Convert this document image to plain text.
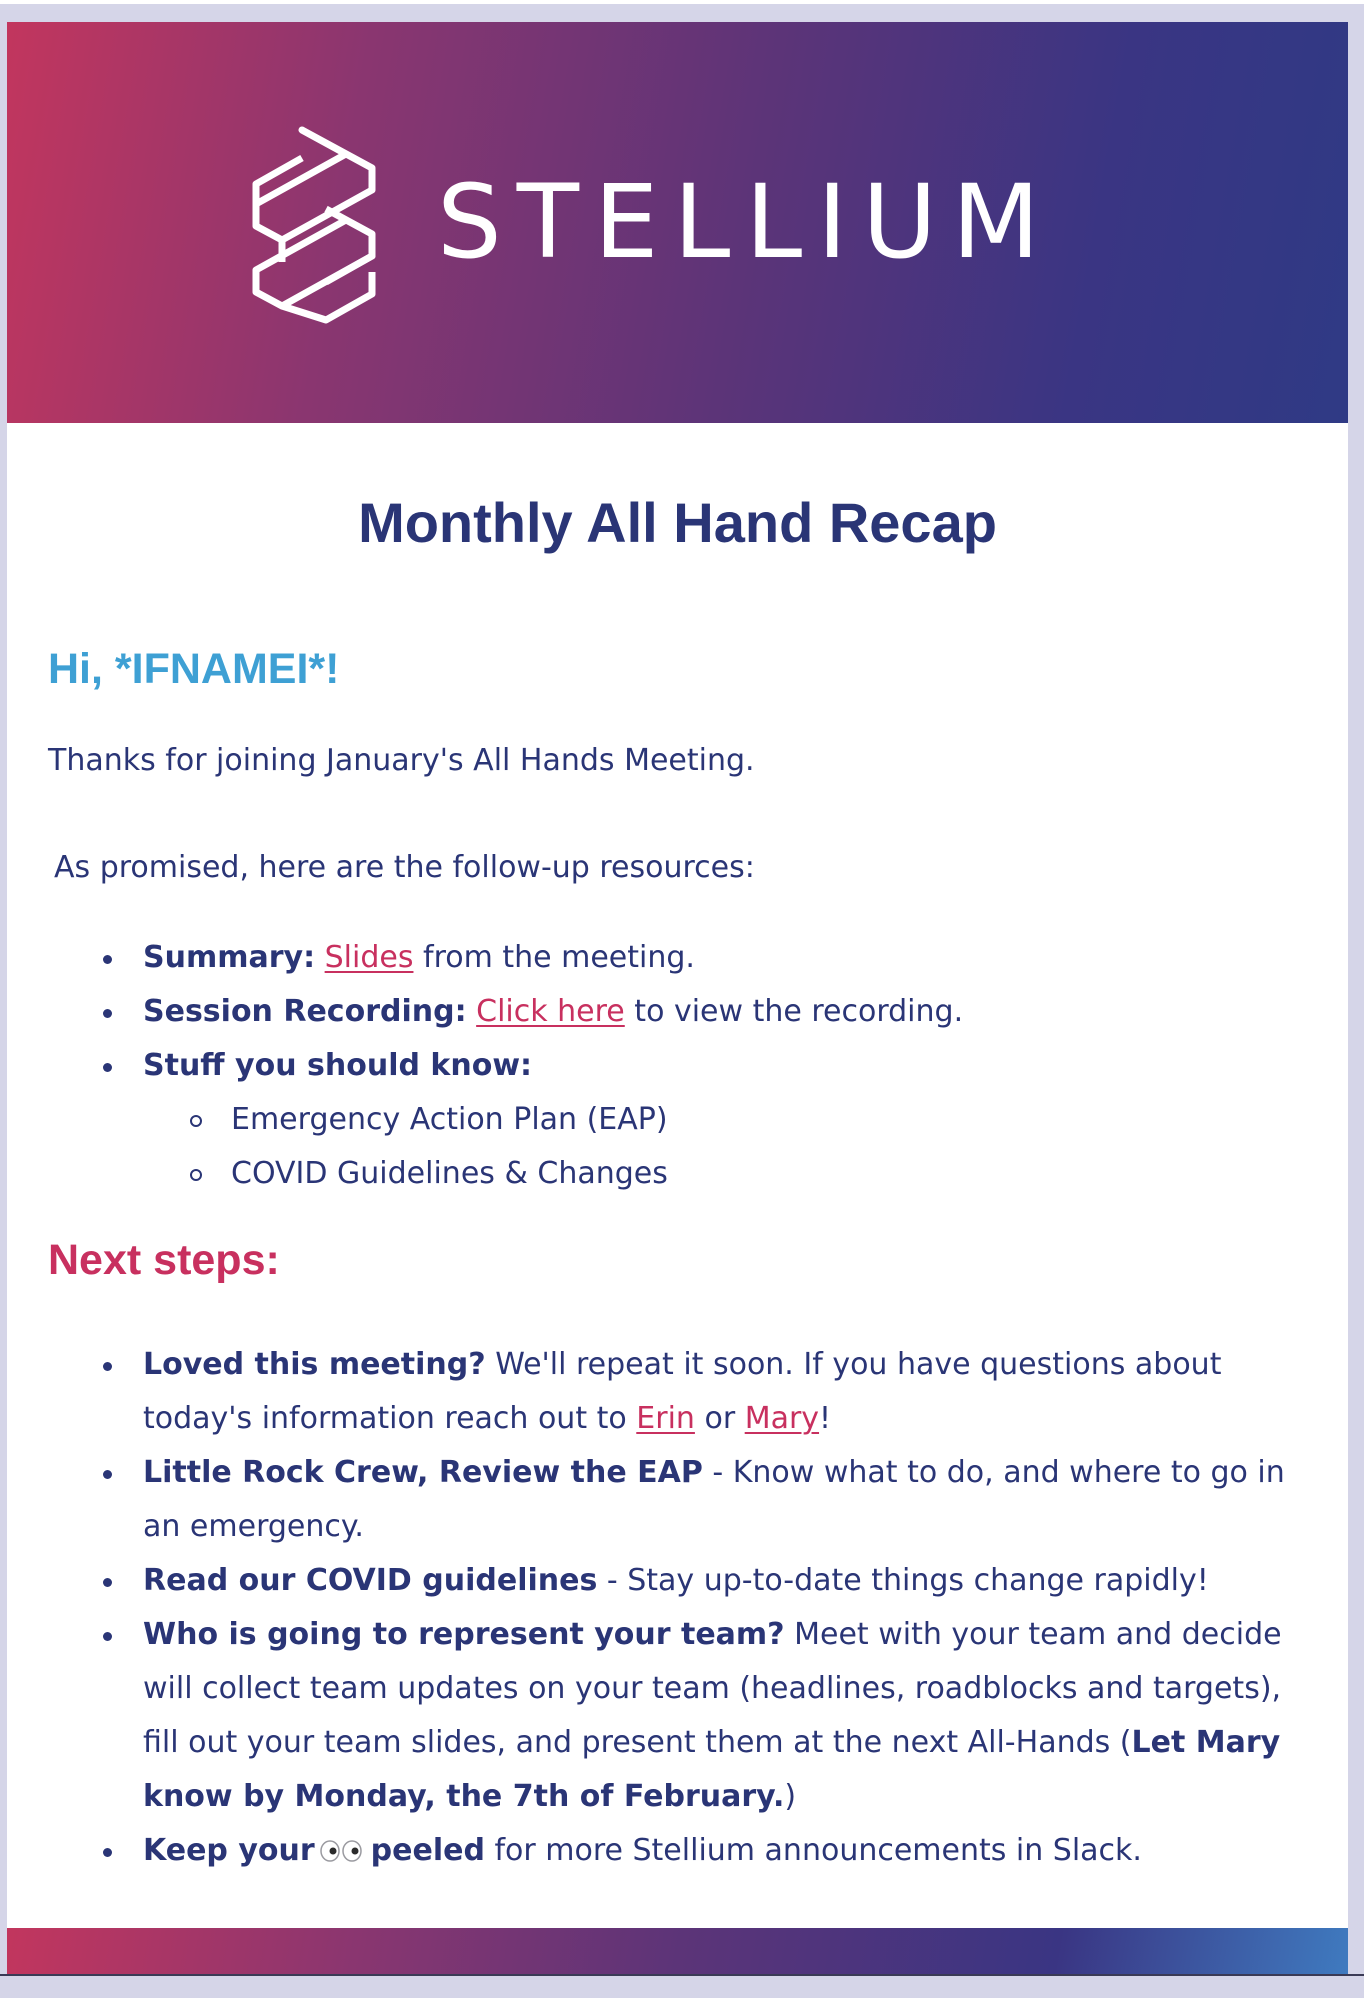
STELLIUM
Monthly All Hand Recap
Hi, *IFNAMEI*!

Thanks for joining January's All Hands Meeting.

As promised, here are the follow-up resources:

Summary: Slides from the meeting.
Session Recording: Click here to view the recording.
Stuff you should know:
Emergency Action Plan (EAP)
COVID Guidelines & Changes
Next steps:
Loved this meeting? We'll repeat it soon. If you have questions about today's information reach out to Erin or Mary!
Little Rock Crew, Review the EAP - Know what to do, and where to go in an emergency.
Read our COVID guidelines - Stay up-to-date things change rapidly!
Who is going to represent your team? Meet with your team and decide will collect team updates on your team (headlines, roadblocks and targets), fill out your team slides, and present them at the next All-Hands (Let Mary know by Monday, the 7th of February.)
Keep your peeled for more Stellium announcements in Slack.
